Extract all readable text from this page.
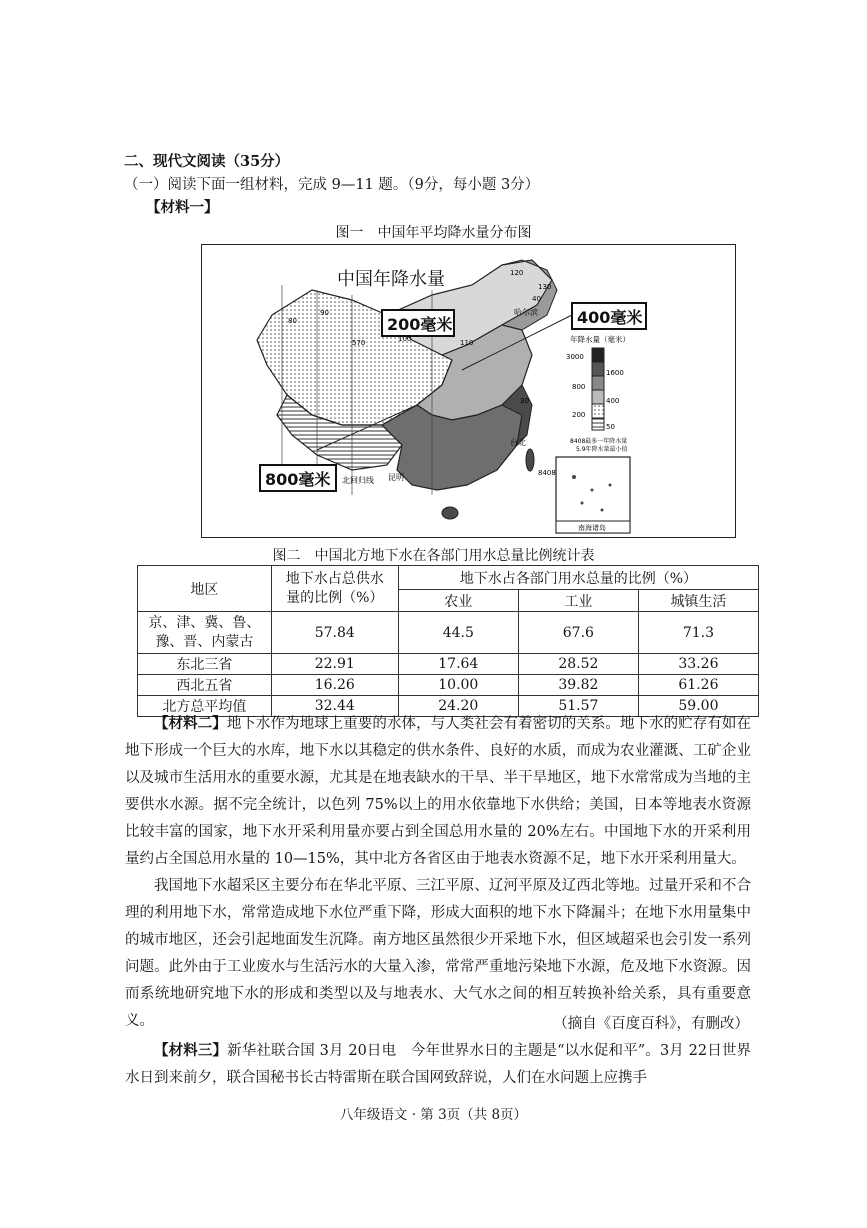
二、现代文阅读（35分）
（一）阅读下面一组材料，完成 9—11 题。（9分，每小题 3分）
【材料一】
图一　中国年平均降水量分布图
中国年降水量
200毫米	400毫米
800毫米
80
570	100	110
130
120
40
30
90	哈尔滨
昆明
台北
北回归线
8408
年降水量（毫米）
3000
1600
800
400
200
50
8408最多一年降水量
5.9年降水量最小值
南海诸岛
图二　中国北方地下水在各部门用水总量比例统计表
地区	地下水占总供水
量的比例（%）	地下水占各部门用水总量的比例（%）		
		农业	工业	城镇生活

京、津、冀、鲁、
豫、晋、内蒙古	57.84	44.5	67.6	71.3
东北三省	22.91	17.64	28.52	33.26
西北五省	16.26	10.00	39.82	61.26
北方总平均值	32.44	24.20	51.57	59.00

【材料二】地下水作为地球上重要的水体，与人类社会有着密切的关系。地下水的贮存有如在地下形成一个巨大的水库，地下水以其稳定的供水条件、良好的水质，而成为农业灌溉、工矿企业以及城市生活用水的重要水源，尤其是在地表缺水的干旱、半干旱地区，地下水常常成为当地的主要供水水源。据不完全统计，以色列 75%以上的用水依靠地下水供给；美国，日本等地表水资源比较丰富的国家，地下水开采利用量亦要占到全国总用水量的 20%左右。中国地下水的开采利用量约占全国总用水量的 10—15%，其中北方各省区由于地表水资源不足，地下水开采利用量大。

我国地下水超采区主要分布在华北平原、三江平原、辽河平原及辽西北等地。过量开采和不合理的利用地下水，常常造成地下水位严重下降，形成大面积的地下水下降漏斗；在地下水用量集中的城市地区，还会引起地面发生沉降。南方地区虽然很少开采地下水，但区域超采也会引发一系列问题。此外由于工业废水与生活污水的大量入渗，常常严重地污染地下水源，危及地下水资源。因而系统地研究地下水的形成和类型以及与地表水、大气水之间的相互转换补给关系，具有重要意义。	（摘自《百度百科》，有删改）

【材料三】新华社联合国 3月 20日电　今年世界水日的主题是“以水促和平”。3月 22日世界水日到来前夕，联合国秘书长古特雷斯在联合国网致辞说，人们在水问题上应携手

八年级语文 · 第 3页（共 8页）
